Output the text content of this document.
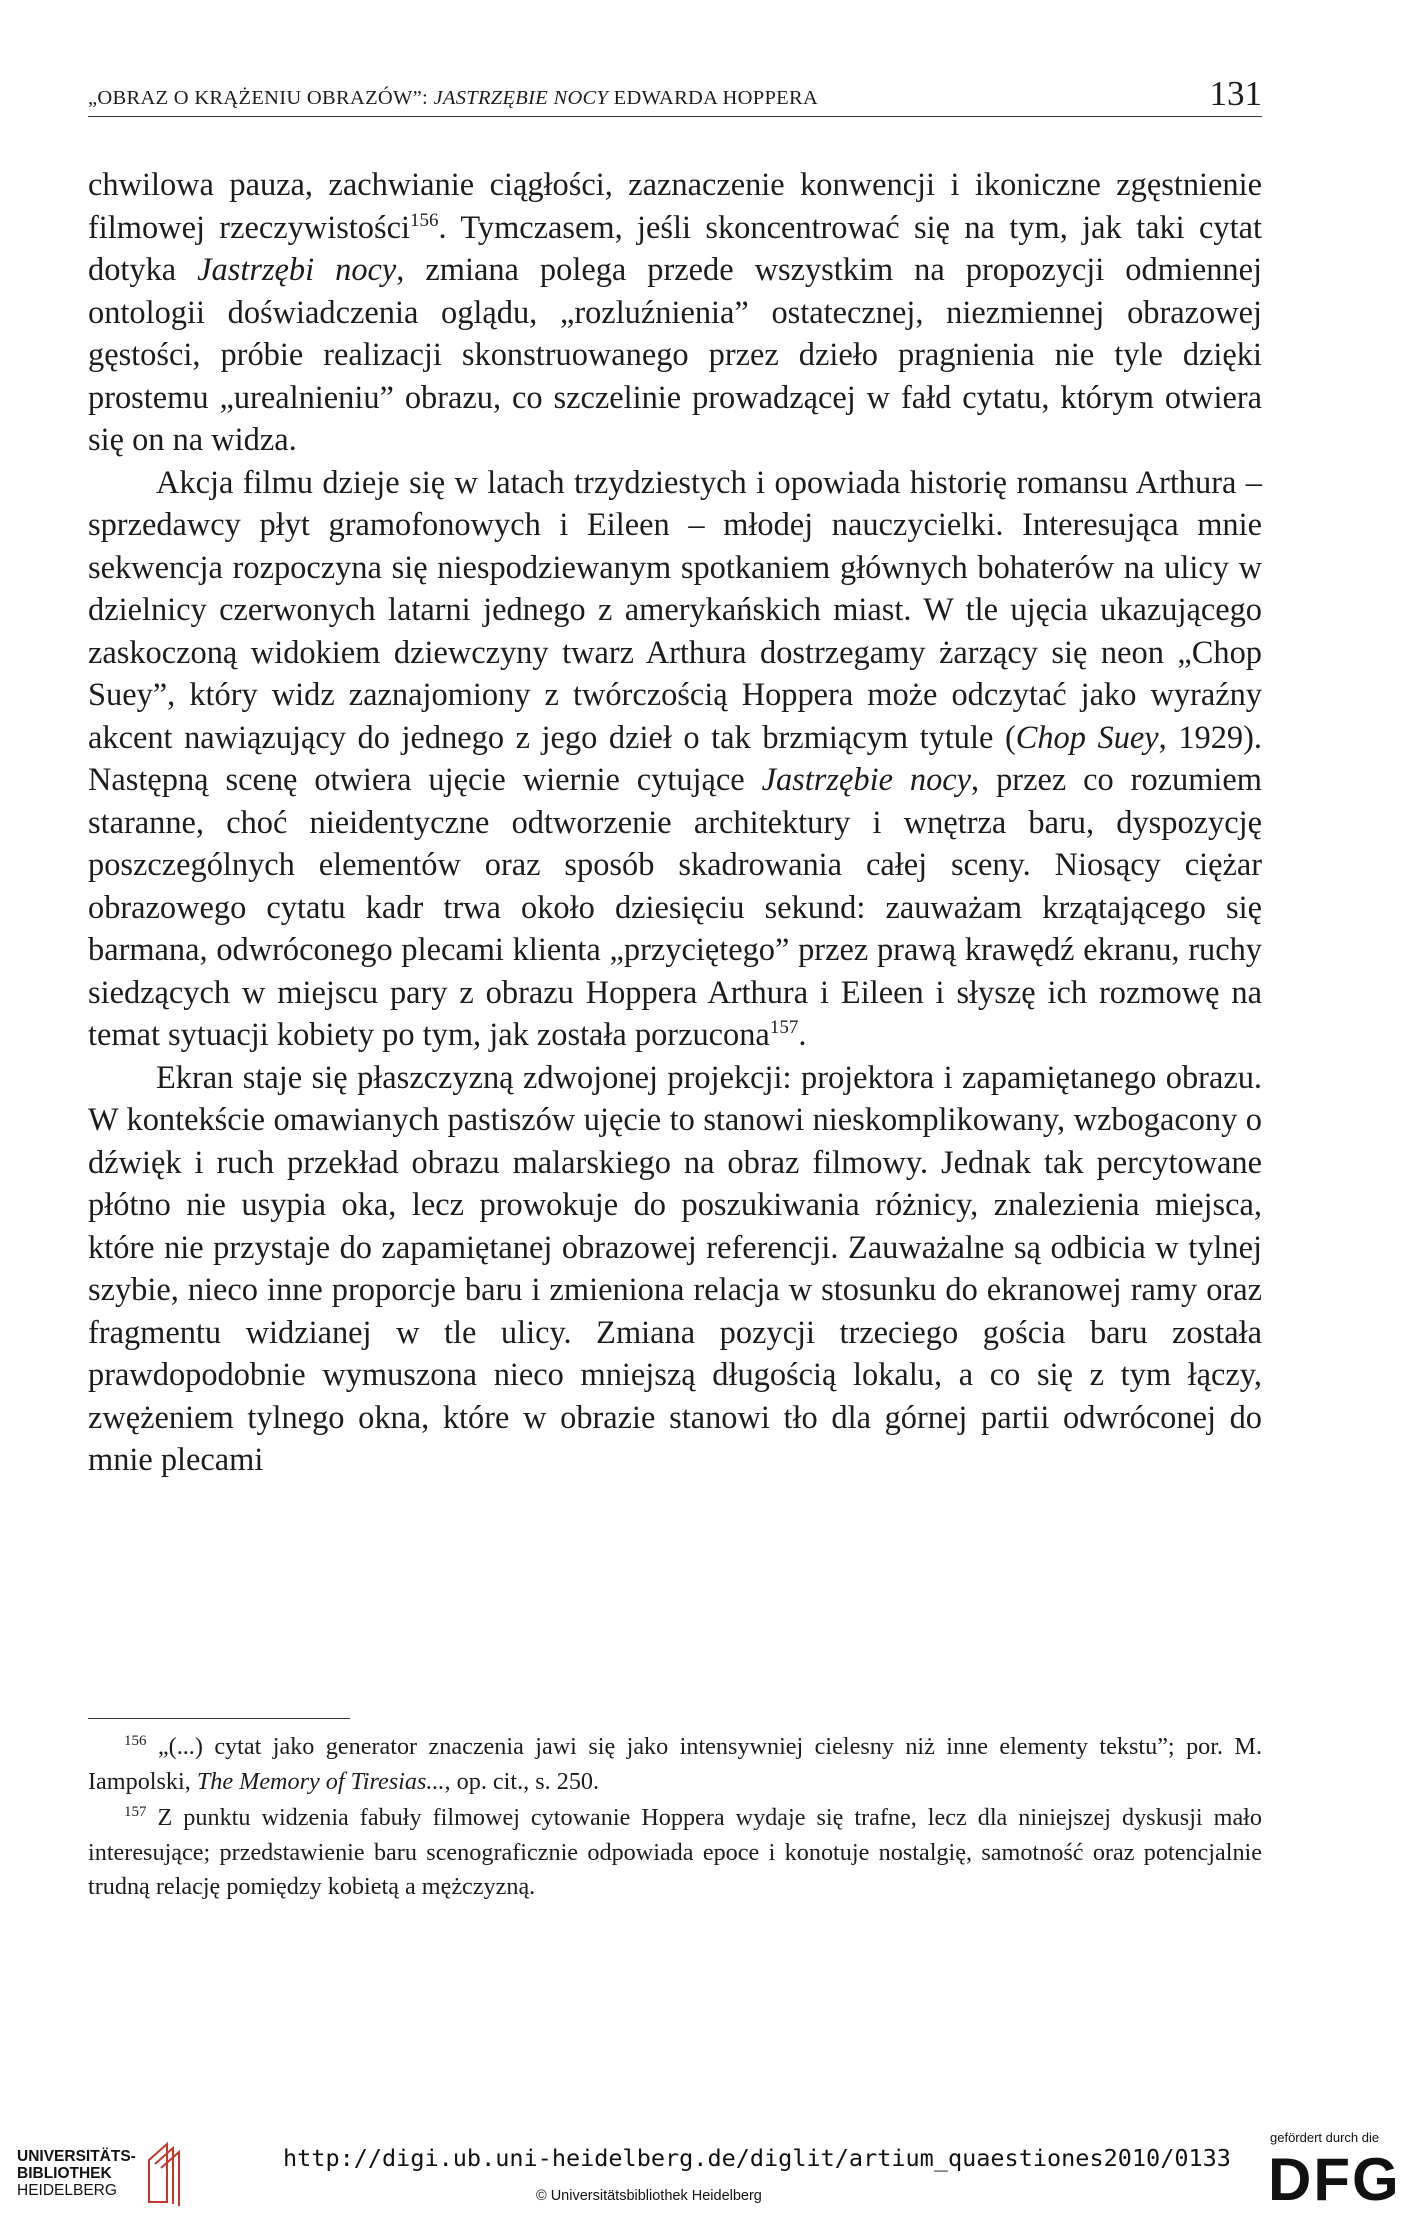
„OBRAZ O KRĄŻENIU OBRAZÓW”: JASTRZĘBIE NOCY EDWARDA HOPPERA	131

chwilowa pauza, zachwianie ciągłości, zaznaczenie konwencji i ikoniczne zgęstnienie filmowej rzeczywistości$^{156}$. Tymczasem, jeśli skoncentrować się na tym, jak taki cytat dotyka Jastrzębi nocy, zmiana polega przede wszystkim na propozycji odmiennej ontologii doświadczenia oglądu, „rozluźnienia” ostatecznej, niezmiennej obrazowej gęstości, próbie realizacji skonstruowanego przez dzieło pragnienia nie tyle dzięki prostemu „urealnieniu” obrazu, co szczelinie prowadzącej w fałd cytatu, którym otwiera się on na widza.

Akcja filmu dzieje się w latach trzydziestych i opowiada historię romansu Arthura – sprzedawcy płyt gramofonowych i Eileen – młodej nauczycielki. Interesująca mnie sekwencja rozpoczyna się niespodziewanym spotkaniem głównych bohaterów na ulicy w dzielnicy czerwonych latarni jednego z amerykańskich miast. W tle ujęcia ukazującego zaskoczoną widokiem dziewczyny twarz Arthura dostrzegamy żarzący się neon „Chop Suey”, który widz zaznajomiony z twórczością Hoppera może odczytać jako wyraźny akcent nawiązujący do jednego z jego dzieł o tak brzmiącym tytule (Chop Suey, 1929). Następną scenę otwiera ujęcie wiernie cytujące Jastrzębie nocy, przez co rozumiem staranne, choć nieidentyczne odtworzenie architektury i wnętrza baru, dyspozycję poszczególnych elementów oraz sposób skadrowania całej sceny. Niosący ciężar obrazowego cytatu kadr trwa około dziesięciu sekund: zauważam krzątającego się barmana, odwróconego plecami klienta „przyciętego” przez prawą krawędź ekranu, ruchy siedzących w miejscu pary z obrazu Hoppera Arthura i Eileen i słyszę ich rozmowę na temat sytuacji kobiety po tym, jak została porzucona$^{157}$.

Ekran staje się płaszczyzną zdwojonej projekcji: projektora i zapamiętanego obrazu. W kontekście omawianych pastiszów ujęcie to stanowi nieskomplikowany, wzbogacony o dźwięk i ruch przekład obrazu malarskiego na obraz filmowy. Jednak tak percytowane płótno nie usypia oka, lecz prowokuje do poszukiwania różnicy, znalezienia miejsca, które nie przystaje do zapamiętanej obrazowej referencji. Zauważalne są odbicia w tylnej szybie, nieco inne proporcje baru i zmieniona relacja w stosunku do ekranowej ramy oraz fragmentu widzianej w tle ulicy. Zmiana pozycji trzeciego gościa baru została prawdopodobnie wymuszona nieco mniejszą długością lokalu, a co się z tym łączy, zwężeniem tylnego okna, które w obrazie stanowi tło dla górnej partii odwróconej do mnie plecami

$^{156}$ „(...) cytat jako generator znaczenia jawi się jako intensywniej cielesny niż inne elementy tekstu”; por. M. Iampolski, The Memory of Tiresias..., op. cit., s. 250.

$^{157}$ Z punktu widzenia fabuły filmowej cytowanie Hoppera wydaje się trafne, lecz dla niniejszej dyskusji mało interesujące; przedstawienie baru scenograficznie odpowiada epoce i konotuje nostalgię, samotność oraz potencjalnie trudną relację pomiędzy kobietą a mężczyzną.

UNIVERSITÄTS-
BIBLIOTHEK
HEIDELBERG
http://digi.ub.uni-heidelberg.de/diglit/artium_quaestiones2010/0133
© Universitätsbibliothek Heidelberg
gefördert durch die
DFG
